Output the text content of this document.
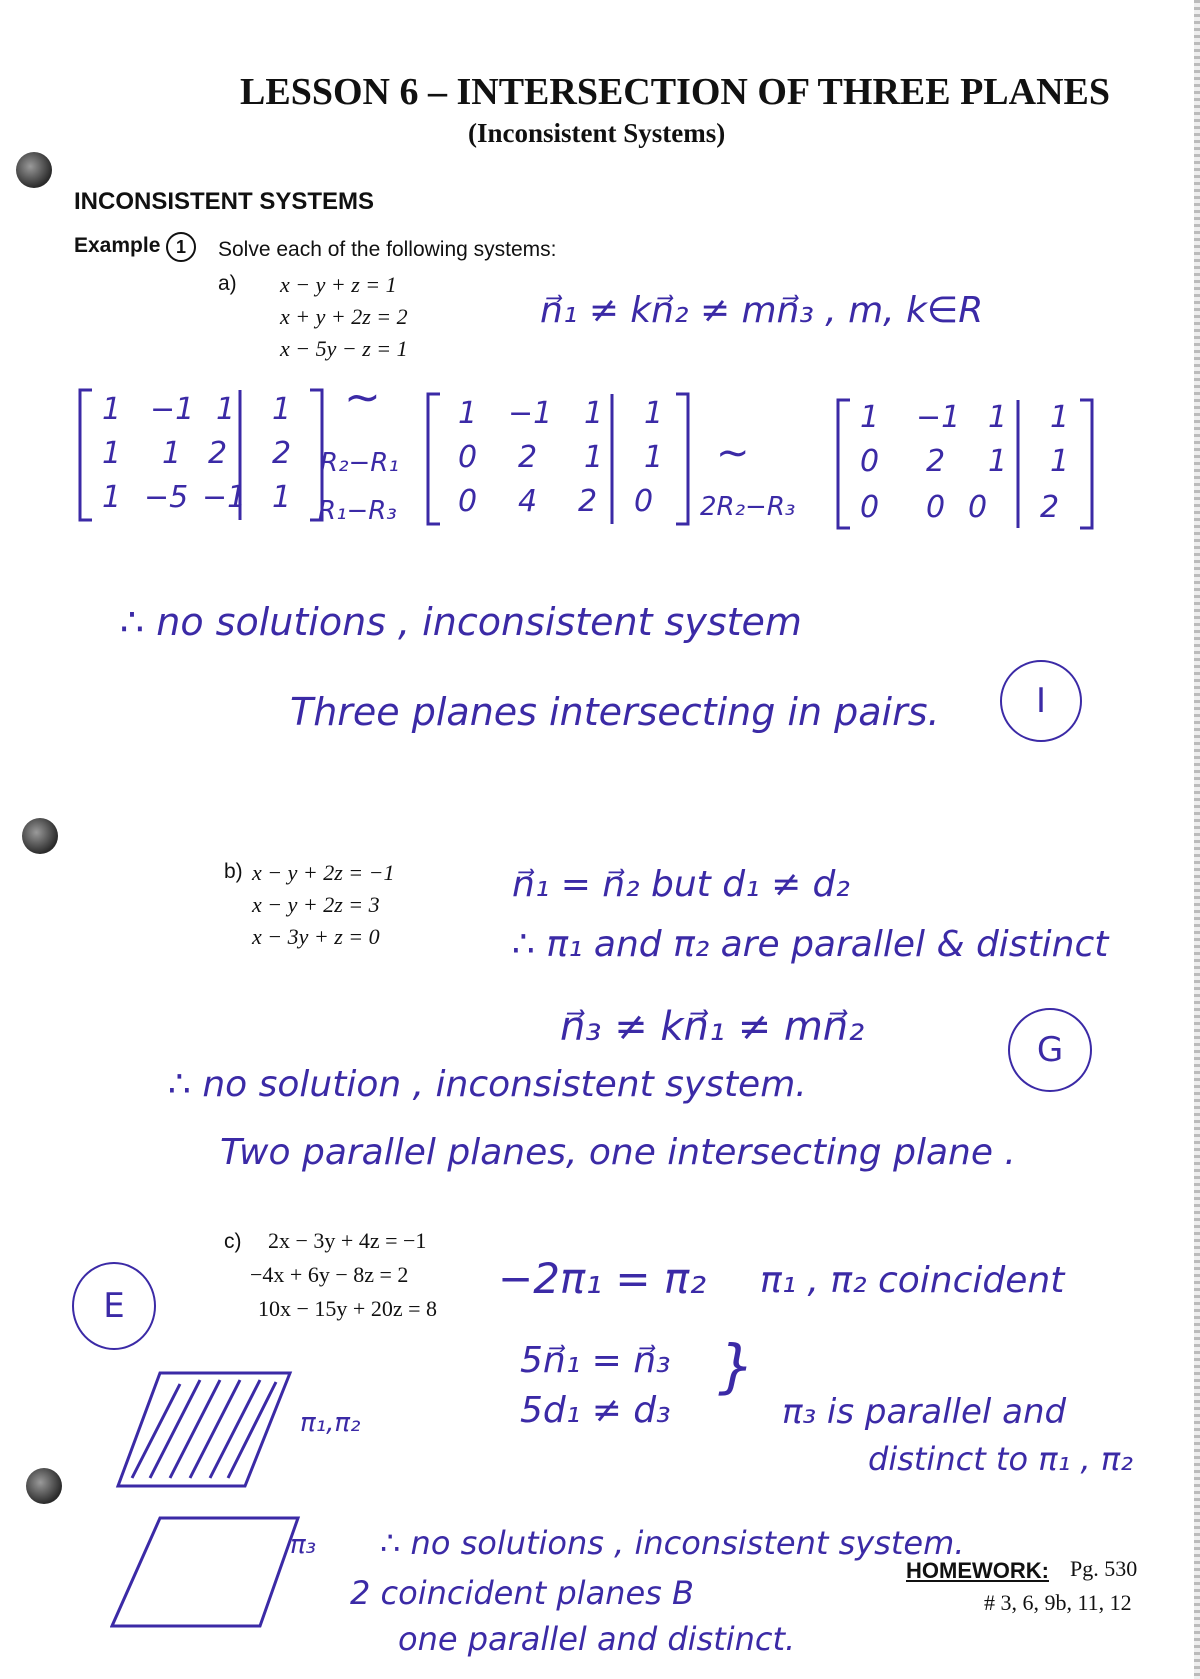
LESSON 6 – INTERSECTION OF THREE PLANES
(Inconsistent Systems)
INCONSISTENT SYSTEMS
Example 1	Solve each of the following systems:
a) x − y + z = 1
x + y + 2z = 2
x − 5y − z = 1
n⃗₁ ≠ kn⃗₂ ≠ mn⃗₃ , m, k∈R
1 −1 1 1
1 1 2 2
1 −5 −1 1
∼
R₂−R₁
R₁−R₃
1 −1 1 1
0 2 1 1
0 4 2 0
∼
2R₂−R₃
1 −1 1 1
0 2 1 1
0 0 0 2
∴ no solutions , inconsistent system
Three planes intersecting in pairs.	I
b) x − y + 2z = −1
x − y + 2z = 3
x − 3y + z = 0
n⃗₁ = n⃗₂ but d₁ ≠ d₂
∴ π₁ and π₂ are parallel & distinct
n⃗₃ ≠ kn⃗₁ ≠ mn⃗₂	G
∴ no solution , inconsistent system.
Two parallel planes, one intersecting plane .
c) 2x − 3y + 4z = −1
−4x + 6y − 8z = 2
10x − 15y + 20z = 8
E
−2π₁ = π₂ π₁ , π₂ coincident
5n⃗₁ = n⃗₃
5d₁ ≠ d₃
}
π₃ is parallel and
distinct to π₁ , π₂
π₁,π₂
π₃ ∴ no solutions , inconsistent system.
2 coincident planes B
one parallel and distinct.
HOMEWORK: Pg. 530
# 3, 6, 9b, 11, 12
